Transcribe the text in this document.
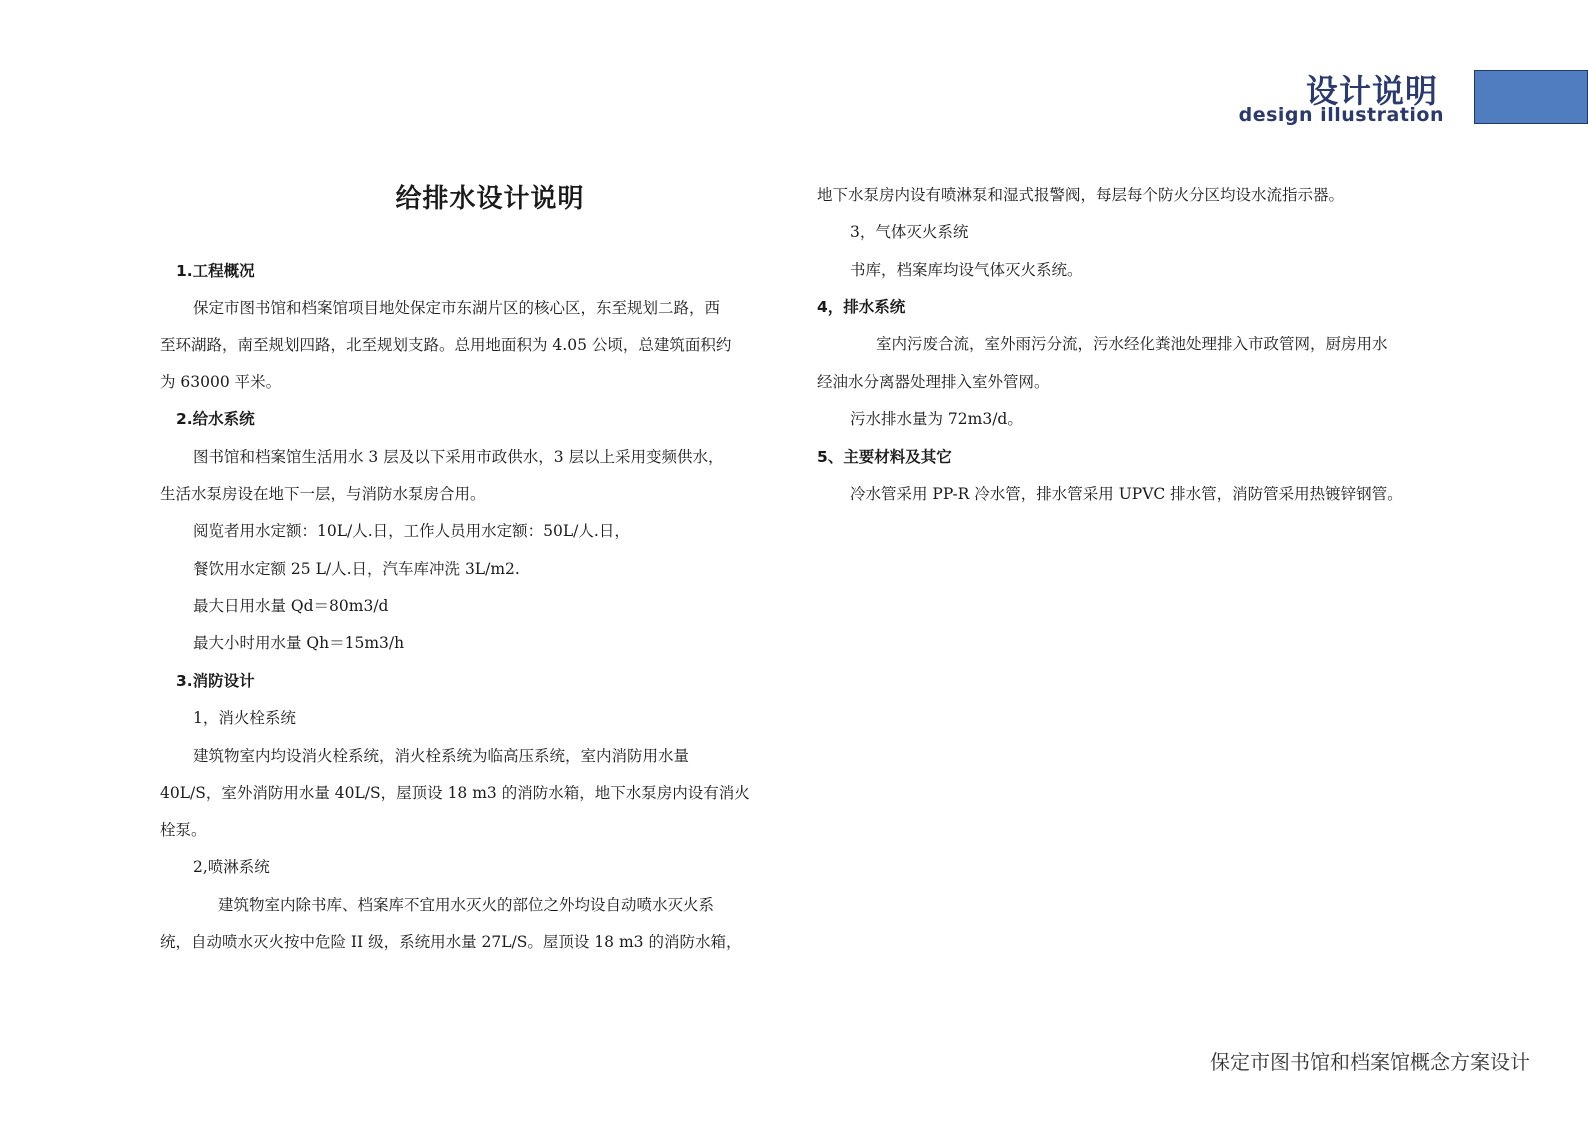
设计说明
design illustration
给排水设计说明
1.工程概况
保定市图书馆和档案馆项目地处保定市东湖片区的核心区，东至规划二路，西
至环湖路，南至规划四路，北至规划支路。总用地面积为 4.05 公顷，总建筑面积约
为 63000 平米。
2.给水系统
图书馆和档案馆生活用水 3 层及以下采用市政供水，3 层以上采用变频供水，
生活水泵房设在地下一层，与消防水泵房合用。
阅览者用水定额：10L/人.日，工作人员用水定额：50L/人.日，
餐饮用水定额 25 L/人.日，汽车库冲洗 3L/m2.
最大日用水量 Qd＝80m3/d
最大小时用水量 Qh＝15m3/h
3.消防设计
1，消火栓系统
建筑物室内均设消火栓系统，消火栓系统为临高压系统，室内消防用水量
40L/S，室外消防用水量 40L/S，屋顶设 18 m3 的消防水箱，地下水泵房内设有消火
栓泵。
2,喷淋系统
建筑物室内除书库、档案库不宜用水灭火的部位之外均设自动喷水灭火系
统，自动喷水灭火按中危险 II 级，系统用水量 27L/S。屋顶设 18 m3 的消防水箱，
地下水泵房内设有喷淋泵和湿式报警阀，每层每个防火分区均设水流指示器。
3，气体灭火系统
书库，档案库均设气体灭火系统。
4，排水系统
室内污废合流，室外雨污分流，污水经化粪池处理排入市政管网，厨房用水
经油水分离器处理排入室外管网。
污水排水量为 72m3/d。
5、主要材料及其它
冷水管采用 PP-R 冷水管，排水管采用 UPVC 排水管，消防管采用热镀锌钢管。
保定市图书馆和档案馆概念方案设计
